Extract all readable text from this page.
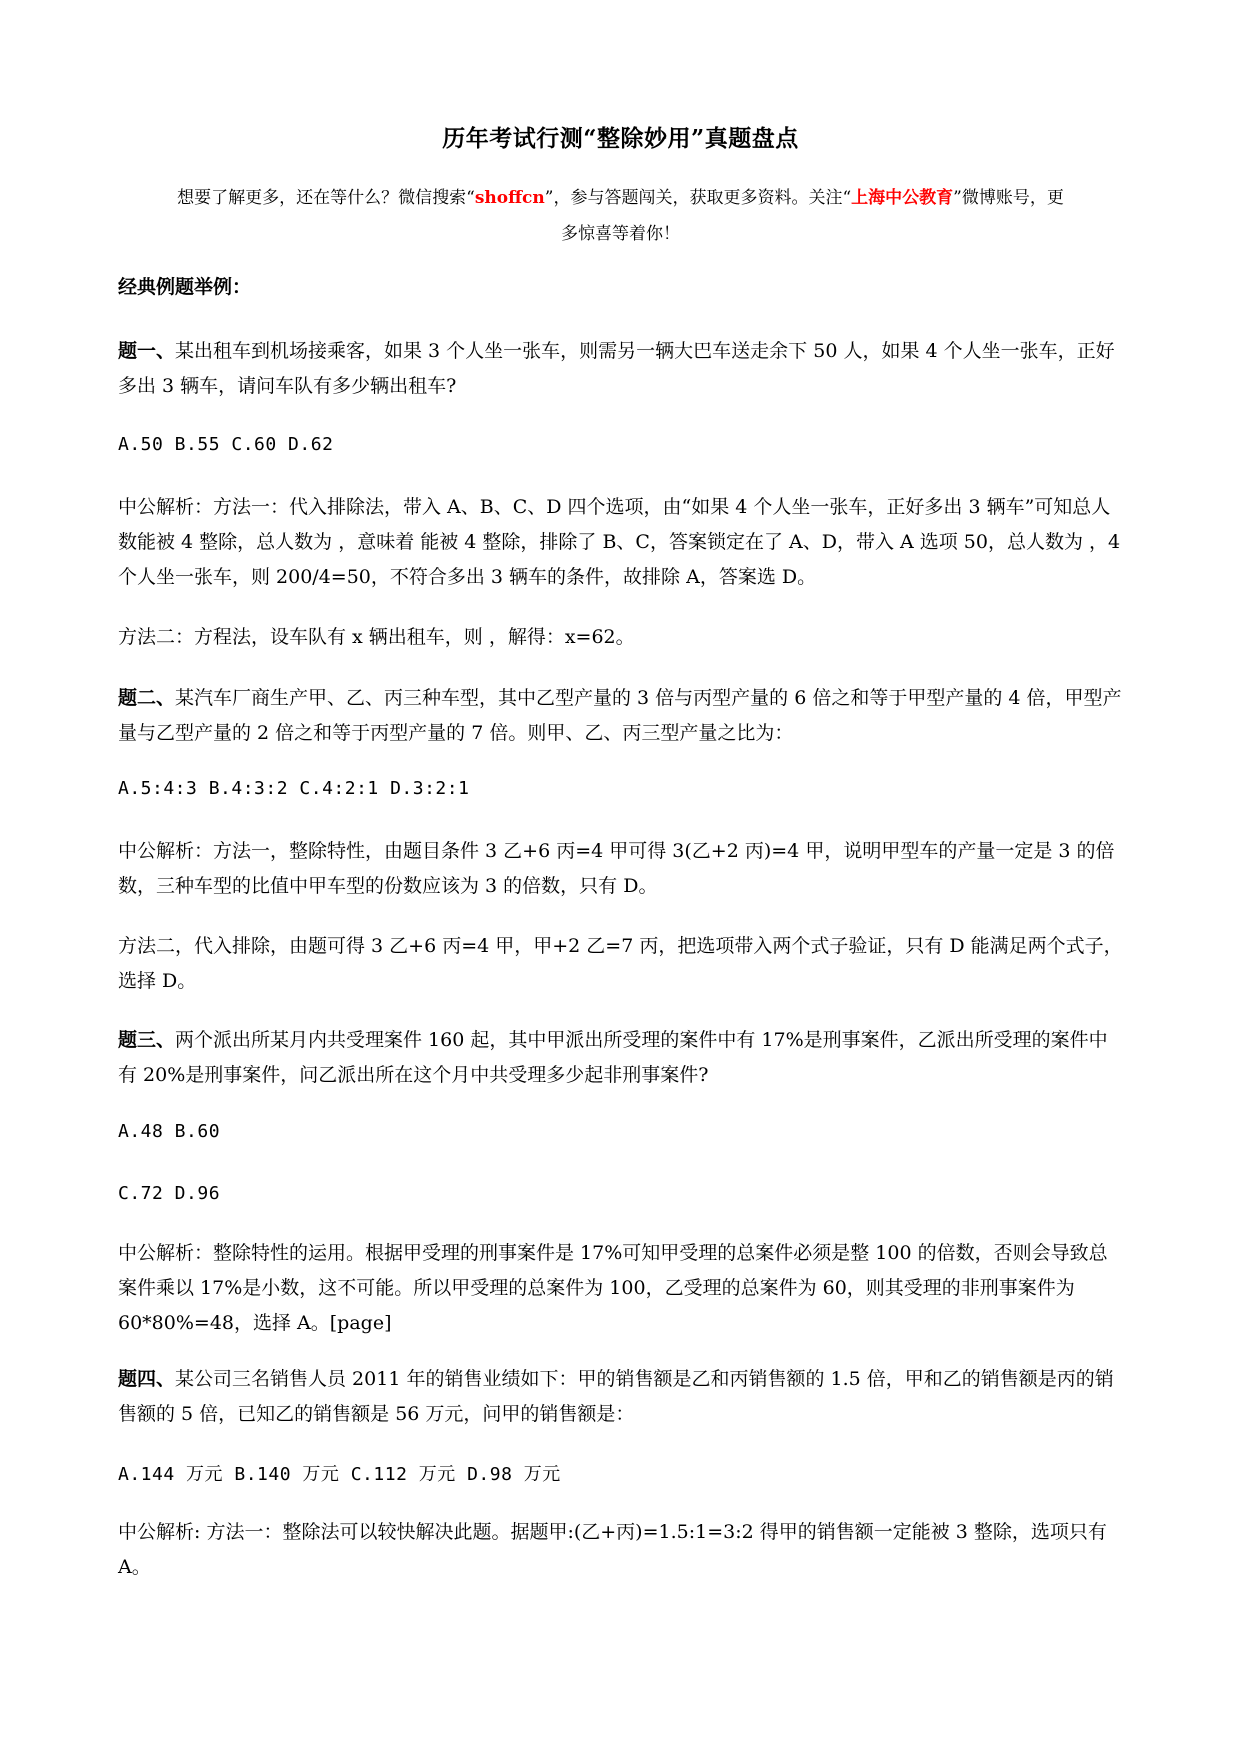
历年考试行测“整除妙用”真题盘点
想要了解更多，还在等什么？微信搜索“shoffcn”，参与答题闯关，获取更多资料。关注“上海中公教育”微博账号，更
多惊喜等着你！
经典例题举例：
题一、某出租车到机场接乘客，如果 3 个人坐一张车，则需另一辆大巴车送走余下 50 人，如果 4 个人坐一张车，正好多出 3 辆车，请问车队有多少辆出租车?
A.50 B.55 C.60 D.62
中公解析：方法一：代入排除法，带入 A、B、C、D 四个选项，由“如果 4 个人坐一张车，正好多出 3 辆车”可知总人数能被 4 整除，总人数为 ，意味着 能被 4 整除，排除了 B、C，答案锁定在了 A、D，带入 A 选项 50，总人数为 ，4 个人坐一张车，则 200/4=50，不符合多出 3 辆车的条件，故排除 A，答案选 D。
方法二：方程法，设车队有 x 辆出租车，则 ，解得：x=62。
题二、某汽车厂商生产甲、乙、丙三种车型，其中乙型产量的 3 倍与丙型产量的 6 倍之和等于甲型产量的 4 倍，甲型产量与乙型产量的 2 倍之和等于丙型产量的 7 倍。则甲、乙、丙三型产量之比为：
A.5:4:3 B.4:3:2 C.4:2:1 D.3:2:1
中公解析：方法一，整除特性，由题目条件 3 乙+6 丙=4 甲可得 3(乙+2 丙)=4 甲，说明甲型车的产量一定是 3 的倍数，三种车型的比值中甲车型的份数应该为 3 的倍数，只有 D。
方法二，代入排除，由题可得 3 乙+6 丙=4 甲，甲+2 乙=7 丙，把选项带入两个式子验证，只有 D 能满足两个式子，选择 D。
题三、两个派出所某月内共受理案件 160 起，其中甲派出所受理的案件中有 17%是刑事案件，乙派出所受理的案件中有 20%是刑事案件，问乙派出所在这个月中共受理多少起非刑事案件?
A.48 B.60
C.72 D.96
中公解析：整除特性的运用。根据甲受理的刑事案件是 17%可知甲受理的总案件必须是整 100 的倍数，否则会导致总案件乘以 17%是小数，这不可能。所以甲受理的总案件为 100，乙受理的总案件为 60，则其受理的非刑事案件为 60*80%=48，选择 A。[page]
题四、某公司三名销售人员 2011 年的销售业绩如下：甲的销售额是乙和丙销售额的 1.5 倍，甲和乙的销售额是丙的销售额的 5 倍，已知乙的销售额是 56 万元，问甲的销售额是：
A.144 万元 B.140 万元 C.112 万元 D.98 万元
中公解析: 方法一：整除法可以较快解决此题。据题甲:(乙+丙)=1.5:1=3:2 得甲的销售额一定能被 3 整除，选项只有 A。
